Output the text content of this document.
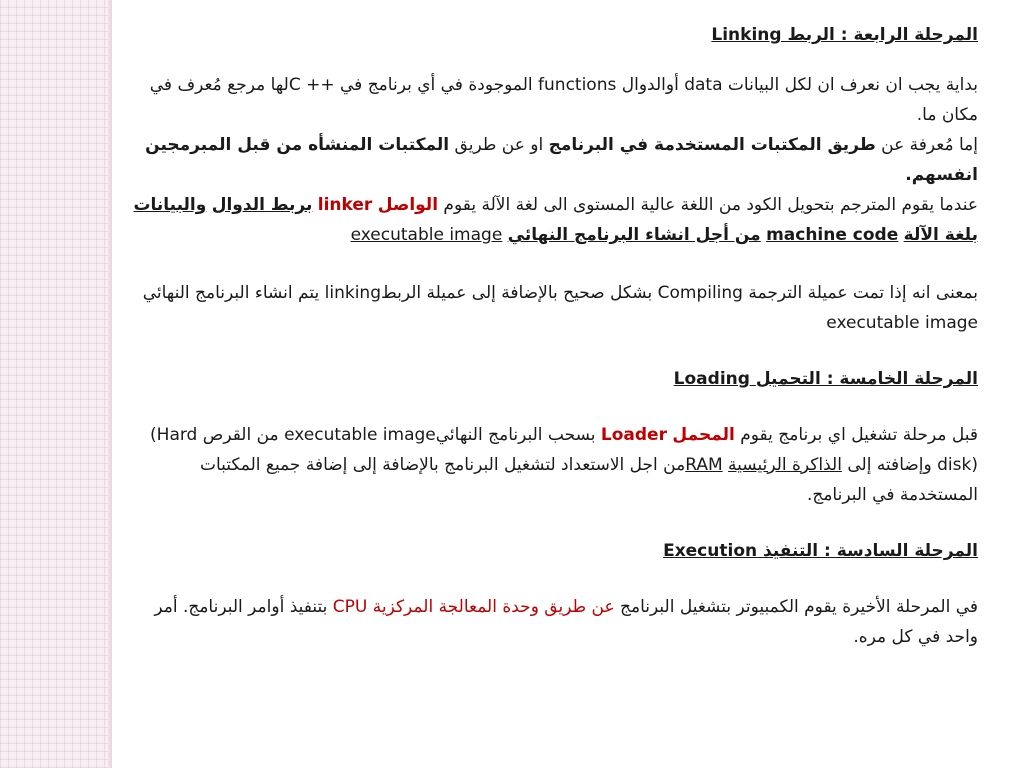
المرحلة الرابعة : الربط Linking

بداية يجب ان نعرف ان لكل البيانات data أوالدوال functions الموجودة في أي برنامج في C ++لها مرجع مُعرف في مكان ما.

إما مُعرفة عن طريق المكتبات المستخدمة في البرنامج او عن طريق المكتبات المنشأه من قبل المبرمجين انفسهم.

عندما يقوم المترجم بتحويل الكود من اللغة عالية المستوى الى لغة الآلة يقوم الواصل linker بربط الدوال والبيانات بلغة الآلة machine code من أجل انشاء البرنامج النهائي executable image

بمعنى انه إذا تمت عميلة الترجمة Compiling بشكل صحيح بالإضافة إلى عميلة الربطlinking يتم انشاء البرنامج النهائي executable image

المرحلة الخامسة : التحميل Loading

قبل مرحلة تشغيل اي برنامج يقوم المحمل Loader بسحب البرنامج النهائيexecutable image من القرص (Hard disk) وإضافته إلى الذاكرة الرئيسية RAMمن اجل الاستعداد لتشغيل البرنامج بالإضافة إلى إضافة جميع المكتبات المستخدمة في البرنامج.

المرحلة السادسة : التنفيذ Execution

في المرحلة الأخيرة يقوم الكمبيوتر بتشغيل البرنامج عن طريق وحدة المعالجة المركزية CPU بتنفيذ أوامر البرنامج. أمر واحد في كل مره.
